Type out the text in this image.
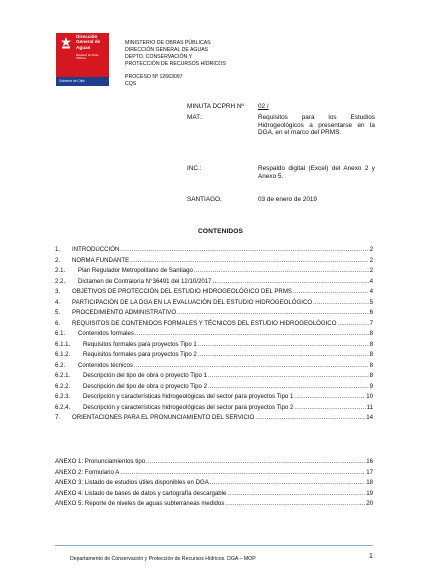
Dirección General de Aguas
Ministerio de Obras Públicas
Gobierno de Chile
MINISTERIO DE OBRAS PÚBLICAS
DIRECCIÓN GENERAL DE AGUAS
DEPTO. CONSERVACIÓN Y
PROTECCIÓN DE RECURSOS HÍDRICOS
PROCESO Nº 12663097
CQS
MINUTA DCPRH Nº 02 /
MAT.:	Requisitos para los Estudios Hidrogeológicos a presentarse en la DGA, en el marco del PRMS.
INC.:	Respaldo digital (Excel) del Anexo 2 y Anexo 5.
SANTIAGO,	03 de enero de 2019
CONTENIDOS
1.	INTRODUCCIÓN .....	2
2.	NORMA FUNDANTE .....	2
2.1.	Plan Regulador Metropolitano de Santiago .....	2
2.2.	Dictamen de Contraloría N°36491 del 12/10/2017 .....	4
3.	OBJETIVOS DE PROTECCIÓN DEL ESTUDIO HIDROGEOLÓGICO DEL PRMS .....	4
4.	PARTICIPACIÓN DE LA DGA EN LA EVALUACIÓN DEL ESTUDIO HIDROGEOLÓGICO .....	5
5.	PROCEDIMIENTO ADMINISTRATIVO .....	6
6.	REQUISITOS DE CONTENIDOS FORMALES Y TÉCNICOS DEL ESTUDIO HIDROGEOLÓGICO .....	7
6.1.	Contenidos formales .....	8
6.1.1.	Requisitos formales para proyectos Tipo 1 .....	8
6.1.2.	Requisitos formales para proyectos Tipo 2 .....	8
6.2.	Contenidos técnicos .....	8
6.2.1.	Descripción del tipo de obra o proyecto Tipo 1 .....	8
6.2.2.	Descripción del tipo de obra o proyecto Tipo 2 .....	9
6.2.3.	Descripción y características hidrogeológicas del sector para proyectos Tipo 1 .....	10
6.2.4.	Descripción y características hidrogeológicas del sector para proyectos Tipo 2 .....	11
7.	ORIENTACIONES PARA EL PRONUNCIAMIENTO DEL SERVICIO .....	14
ANEXO 1: Pronunciamientos tipo .....	16
ANEXO 2: Formulario A .....	17
ANEXO 3: Listado de estudios útiles disponibles en DGA .....	18
ANEXO 4: Listado de bases de datos y cartografía descargable .....	19
ANEXO 5: Reporte de niveles de aguas subterráneas medidos .....	20
Departamento de Conservación y Protección de Recursos Hídricos. DGA – MOP	1
